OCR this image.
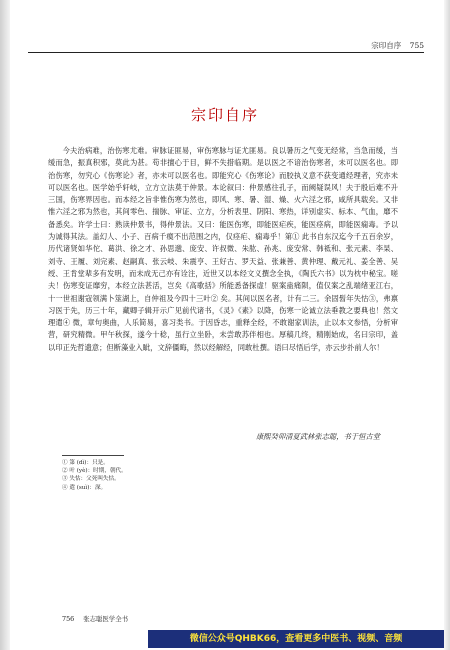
宗印自序 755
宗印自序

今夫治病难，治伤寒尤难。审脉证匪易，审伤寒脉与证尤匪易。良以暑历之气变无经常，当急而缓，当缓而急，振真积邪，莫此为甚。苟非擅心于目，鲜不失措临期。是以医之不谙治伤寒者，未可以医名也。即治伤寒，勿究心《伤寒论》者，亦未可以医名也。即能究心《伤寒论》而胶执义意不获变通经理者，究亦未可以医名也。医学始乎轩岐，立方立法莫于仲景。本论叙曰：仲景感往孔子，而阙疑误风！夫于殷后难不升三国，伤寒界因也。而本经之旨非惟伤寒为然也，即风、寒、暑、湿、燥、火六淫之邪，咸所具载矣。又非惟六淫之邪为然也，其间零色、揣脉、审证、立方，分析表里、阴阳、寒热，详别虚实、标本、气血，靡不备悉矣。许学士曰：熟读仲景书，得仲景法。又曰：能医伤寒，即能医疟疾，能医痉病，即能医痫毒。予以为诚得其法。盖幻人、小子、百病千瘼不出范围之内，仅痉疟、痫毒乎！第① 此书自东汉迄今千五百余岁，历代诸贤如华佗、葛洪、徐之才、孙思邈、庞安、许叔微、朱肱、孙兆、庞安常、韩祗和、张元素、李杲、刘寺、王履、刘完素、赵嗣真、张云岐、朱震亨、王好古、罗天益、张兼善、黄仲理、戴元礼、姜全善、吴绶、王肯堂辈多有发明，而未成无己亦有诠注，近世又以本经文义撰念全执，《陶氏六书》以为枕中秘宝。嗟夫！伤寒变证靡穷，本经立法甚活，岂矣《高歌括》所能悉备探虚！驱案蛊痛陨，值仅案之乱端绪亚江右，十一世祖谢寇领满卜筮湖上，自仲祖及今四十三叶② 矣。其间以医名者，计有二三。余固髫年失怙③，弗禀习医于先，历三十年，藏卿子辑开示广见前代诸书，《灵》《素》以降，伤寒一论诚立法垂教之要典也！然文理遣④ 微，章句奥曲，人乐简易，喜习类书。于因昏志，重释全经，不敢谢家训法，止以本文参悟，分析审营，研究精微。甲午秋探，遂今十稔，虽行立坐卧，未尝敢苏伴相也。厚稿几终，精刚始成，名曰宗印，盖以印正先哲遗意；但断藻业入眦，文辞僵晦，然以经解经，同敢杜撰。语曰尽悟后学，亦云步扑前人尔！

康熙癸卯清夏武林张志聪，书于恒古堂
① 第 (dì)：只是。
② 叶 (yè)：时期，朝代。
③ 失怙：父死叫失怙。
④ 遣 (suì)：深。
756 张志聪医学全书
微信公众号QHBK66，查看更多中医书、视频、音频
